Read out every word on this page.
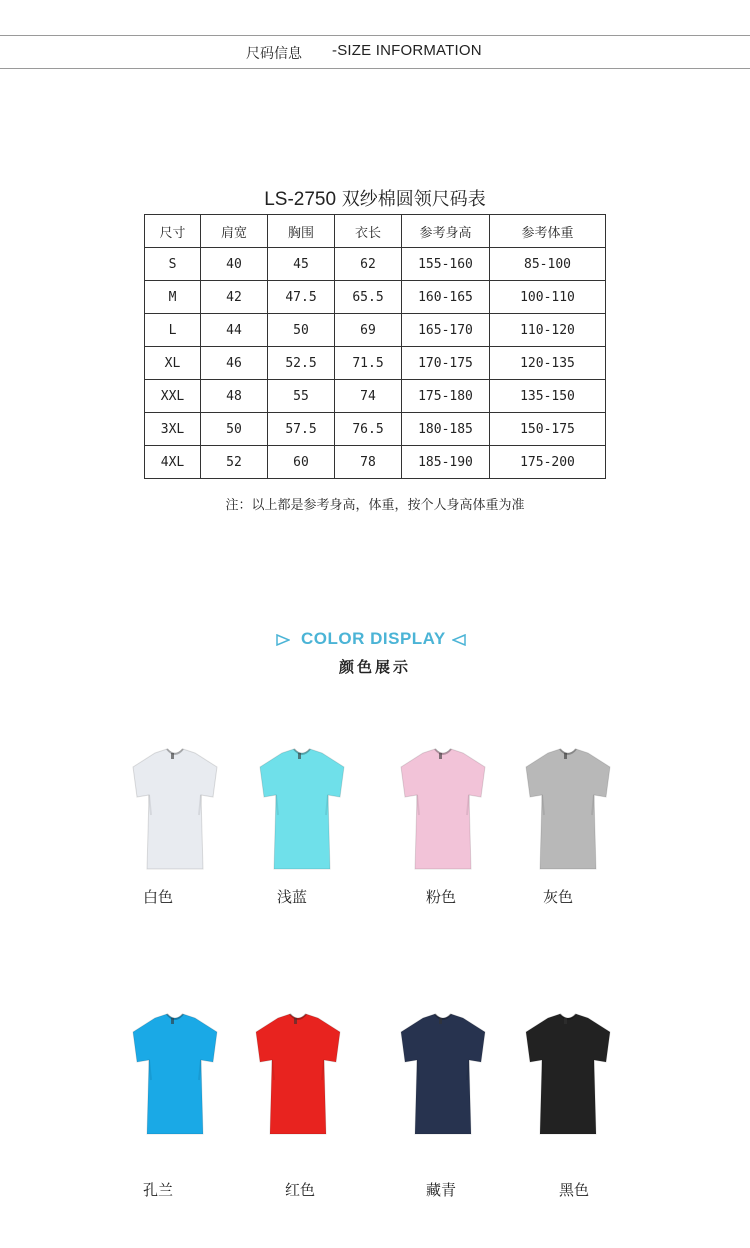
尺码信息 -SIZE INFORMATION
LS-2750 双纱棉圆领尺码表
尺寸	肩宽	胸围	衣长	参考身高	参考体重
S	40	45	62	155-160	85-100
M	42	47.5	65.5	160-165	100-110
L	44	50	69	165-170	110-120
XL	46	52.5	71.5	170-175	120-135
XXL	48	55	74	175-180	135-150
3XL	50	57.5	76.5	180-185	150-175
4XL	52	60	78	185-190	175-200
注：以上都是参考身高，体重，按个人身高体重为准
COLOR DISPLAY
颜色展示
白色	浅蓝	粉色	灰色
孔兰	红色	藏青	黑色
